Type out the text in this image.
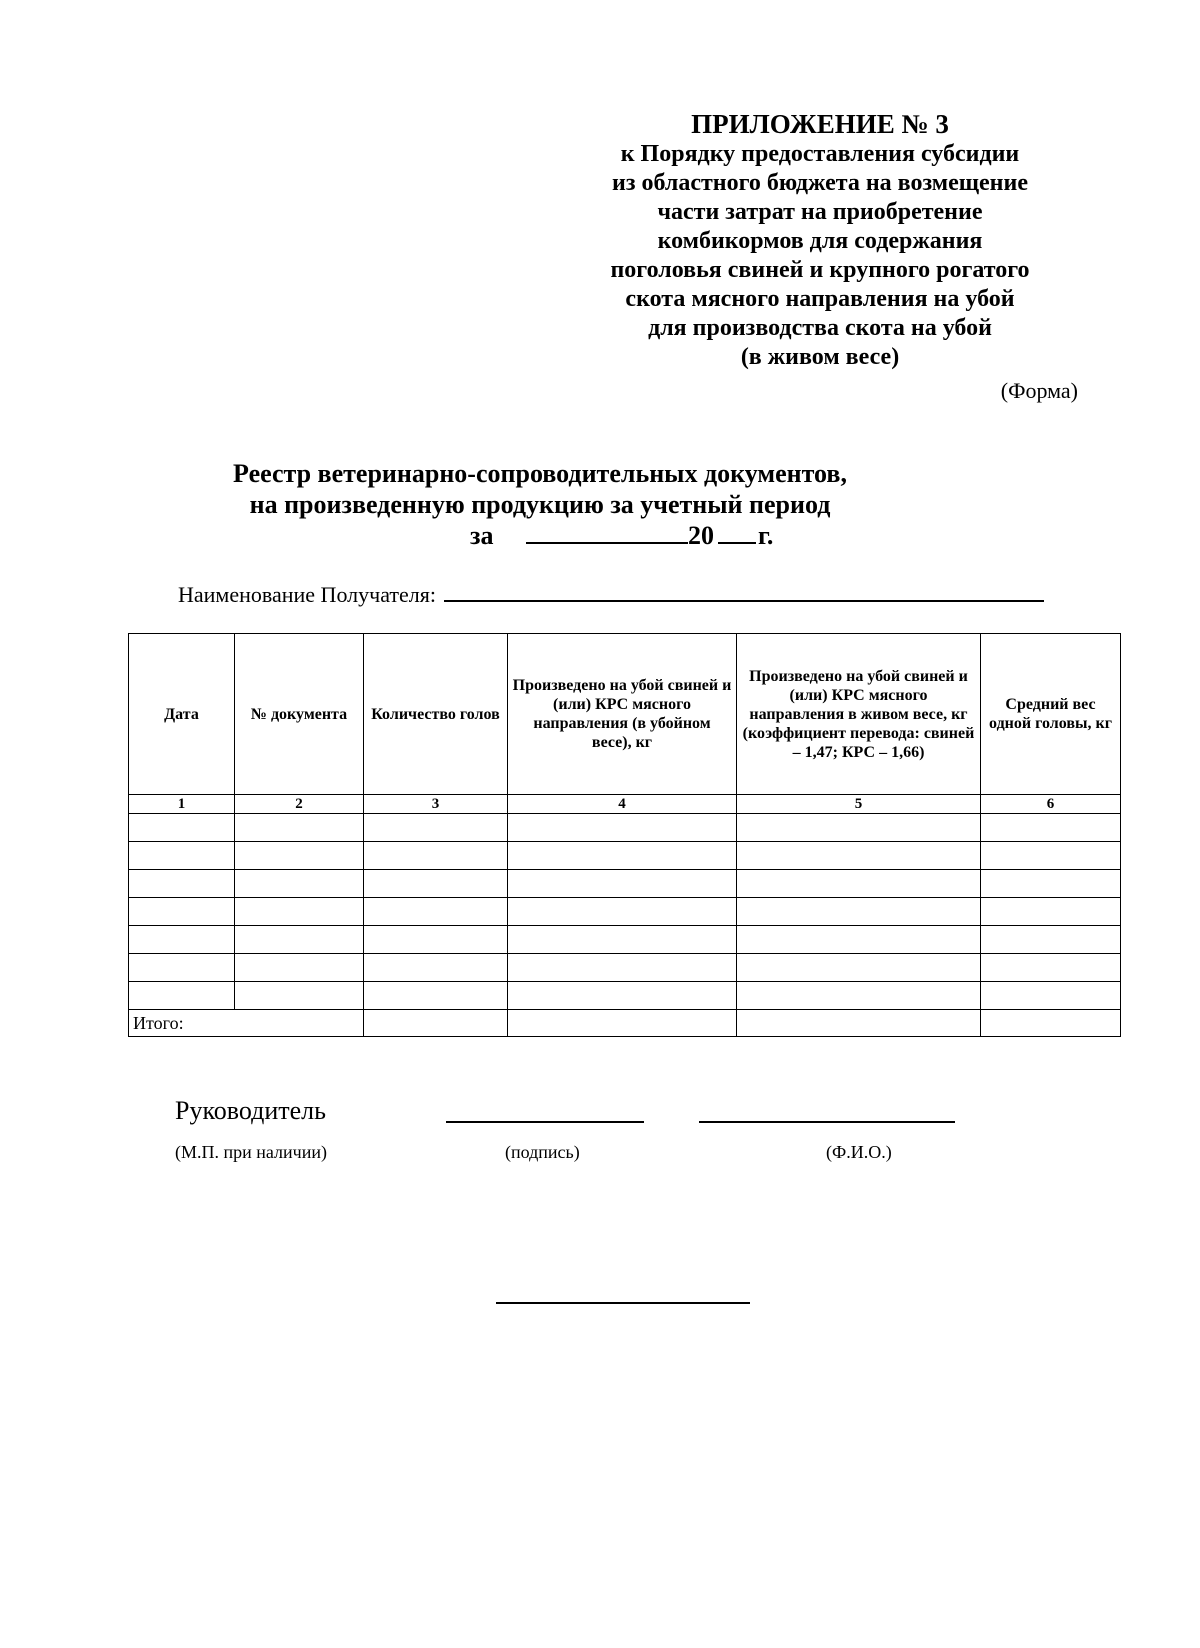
ПРИЛОЖЕНИЕ № 3
к Порядку предоставления субсидии
из областного бюджета на возмещение
части затрат на приобретение
комбикормов для содержания
поголовья свиней и крупного рогатого
скота мясного направления на убой
для производства скота на убой
(в живом весе)
(Форма)
Реестр ветеринарно-сопроводительных документов,
на произведенную продукцию за учетный период
за	20 г.
Наименование Получателя:
Дата	№ документа	Количество голов	Произведено на убой свиней и (или) КРС мясного направления (в убойном весе), кг	Произведено на убой свиней и (или) КРС мясного направления в живом весе, кг (коэффициент перевода: свиней – 1,47; КРС – 1,66)	Средний вес одной головы, кг
1	2	3	4	5	6

Итого:					
Руководитель
(М.П. при наличии)	(подпись)	(Ф.И.О.)
